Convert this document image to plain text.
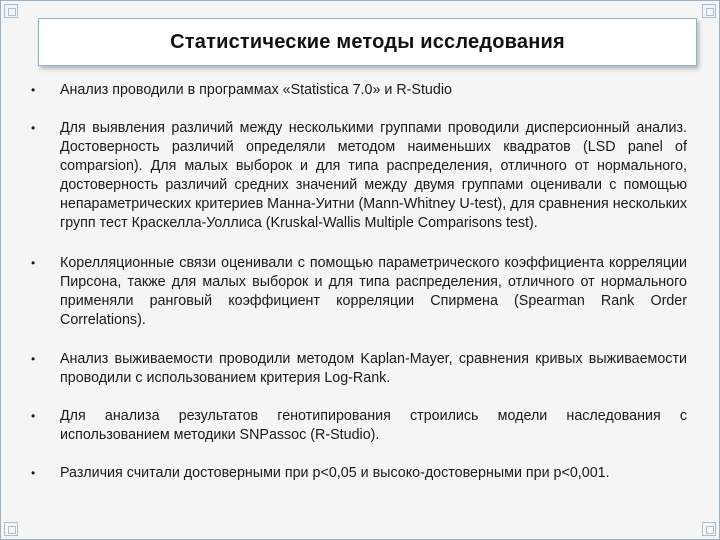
Статистические методы исследования
•	Анализ проводили в программах «Statistica 7.0» и R-Studio
•	Для выявления различий между несколькими группами проводили дисперсионный анализ. Достоверность различий определяли методом наименьших квадратов (LSD panel of comparsion). Для малых выборок и для типа распределения, отличного от нормального, достоверность различий средних значений между двумя группами оценивали с помощью непараметрических критериев Манна-Уитни (Mann-Whitney U-test), для сравнения нескольких групп тест Краскелла-Уоллиса (Kruskal-Wallis Multiple Comparisons test).
•	Корелляционные связи оценивали с помощью параметрического коэффициента корреляции Пирсона, также для малых выборок и для типа распределения, отличного от нормального применяли ранговый коэффициент корреляции Спирмена (Spearman Rank Order Correlations).
•	Анализ выживаемости проводили методом Kaplan-Mayer, сравнения кривых выживаемости проводили с использованием критерия Log-Rank.
•	Для анализа результатов генотипирования строились модели наследования с использованием методики SNPassoc (R-Studio).
•	Различия считали достоверными при p<0,05 и высоко-достоверными при p<0,001.
